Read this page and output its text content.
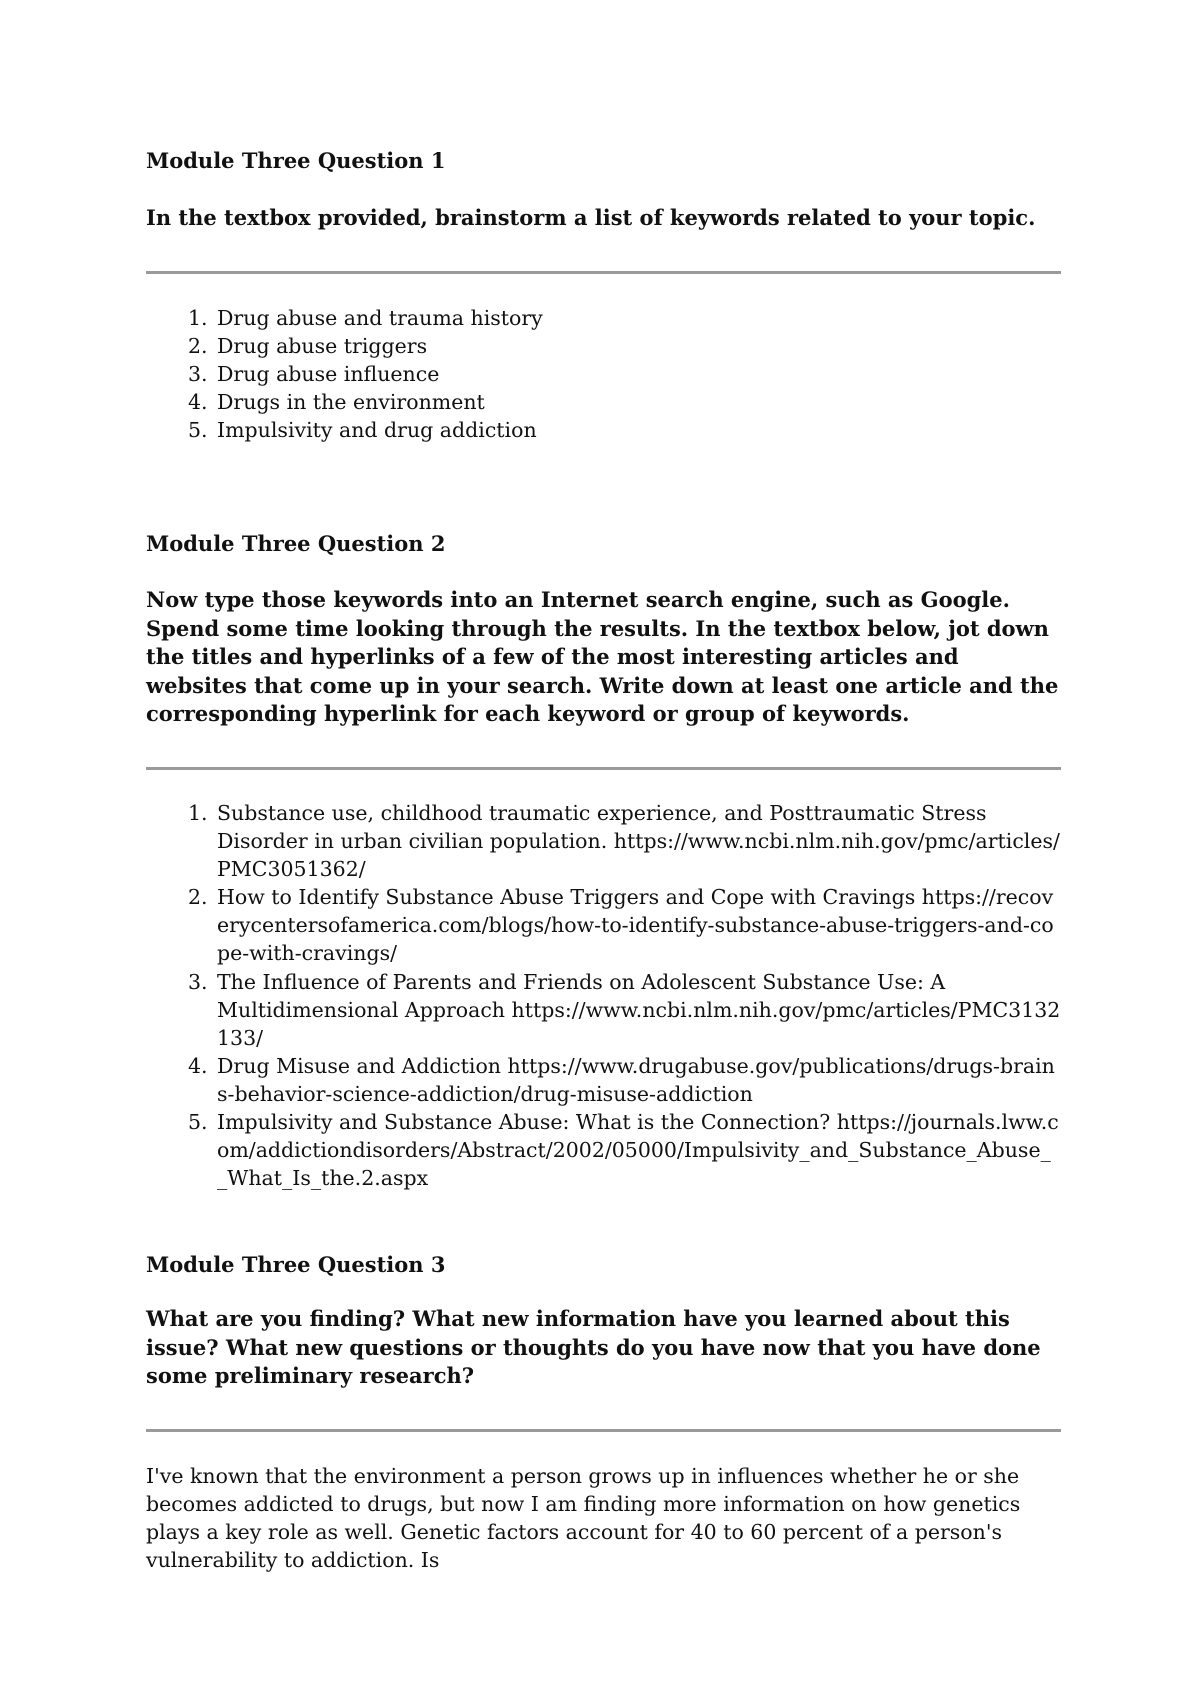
Module Three Question 1

In the textbox provided, brainstorm a list of keywords related to your topic.

1. Drug abuse and trauma history
2. Drug abuse triggers
3. Drug abuse influence
4. Drugs in the environment
5. Impulsivity and drug addiction

Module Three Question 2

Now type those keywords into an Internet search engine, such as Google. Spend some time looking through the results. In the textbox below, jot down the titles and hyperlinks of a few of the most interesting articles and websites that come up in your search. Write down at least one article and the corresponding hyperlink for each keyword or group of keywords.

1. Substance use, childhood traumatic experience, and Posttraumatic Stress Disorder in urban civilian population. https://www.ncbi.nlm.nih.gov/pmc/articles/PMC3051362/
2. How to Identify Substance Abuse Triggers and Cope with Cravings https://recoverycentersofamerica.com/blogs/how-to-identify-substance-abuse-triggers-and-cope-with-cravings/
3. The Influence of Parents and Friends on Adolescent Substance Use: A Multidimensional Approach https://www.ncbi.nlm.nih.gov/pmc/articles/PMC3132133/
4. Drug Misuse and Addiction https://www.drugabuse.gov/publications/drugs-brains-behavior-science-addiction/drug-misuse-addiction
5. Impulsivity and Substance Abuse: What is the Connection? https://journals.lww.com/addictiondisorders/Abstract/2002/05000/Impulsivity_and_Substance_Abuse__What_Is_the.2.aspx

Module Three Question 3

What are you finding? What new information have you learned about this issue? What new questions or thoughts do you have now that you have done some preliminary research?

I've known that the environment a person grows up in influences whether he or she becomes addicted to drugs, but now I am finding more information on how genetics plays a key role as well. Genetic factors account for 40 to 60 percent of a person's vulnerability to addiction. Is
